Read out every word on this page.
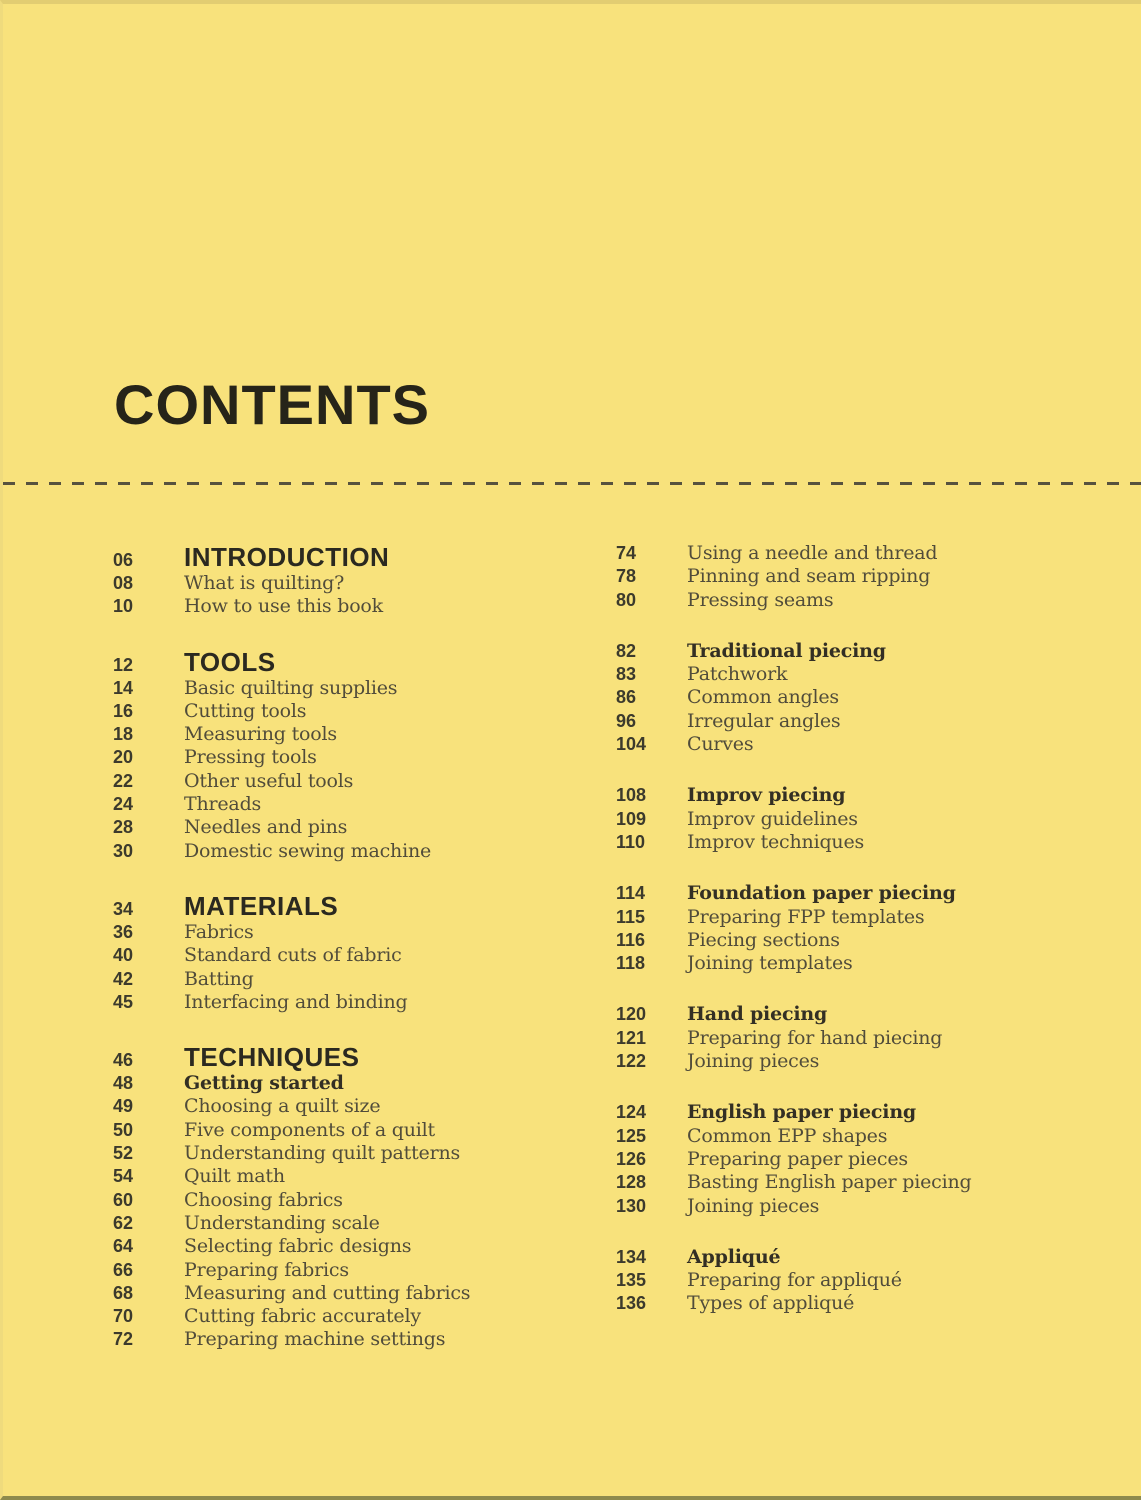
CONTENTS
06	INTRODUCTION
08	What is quilting?
10	How to use this book
12	TOOLS
14	Basic quilting supplies
16	Cutting tools
18	Measuring tools
20	Pressing tools
22	Other useful tools
24	Threads
28	Needles and pins
30	Domestic sewing machine
34	MATERIALS
36	Fabrics
40	Standard cuts of fabric
42	Batting
45	Interfacing and binding
46	TECHNIQUES
48	Getting started
49	Choosing a quilt size
50	Five components of a quilt
52	Understanding quilt patterns
54	Quilt math
60	Choosing fabrics
62	Understanding scale
64	Selecting fabric designs
66	Preparing fabrics
68	Measuring and cutting fabrics
70	Cutting fabric accurately
72	Preparing machine settings
74	Using a needle and thread
78	Pinning and seam ripping
80	Pressing seams
82	Traditional piecing
83	Patchwork
86	Common angles
96	Irregular angles
104	Curves
108	Improv piecing
109	Improv guidelines
110	Improv techniques
114	Foundation paper piecing
115	Preparing FPP templates
116	Piecing sections
118	Joining templates
120	Hand piecing
121	Preparing for hand piecing
122	Joining pieces
124	English paper piecing
125	Common EPP shapes
126	Preparing paper pieces
128	Basting English paper piecing
130	Joining pieces
134	Appliqué
135	Preparing for appliqué
136	Types of appliqué
